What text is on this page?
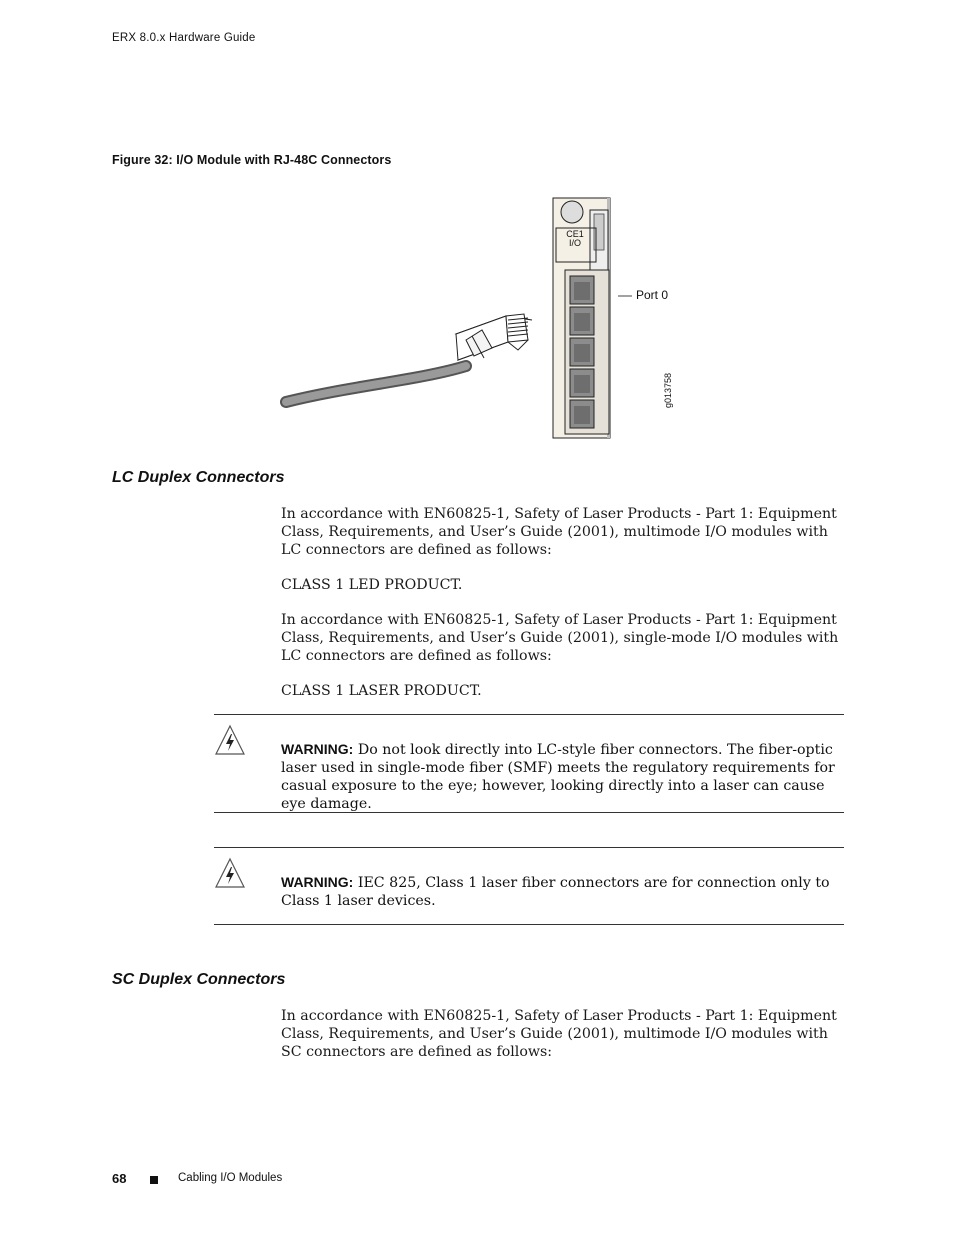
ERX 8.0.x Hardware Guide
Figure 32: I/O Module with RJ-48C Connectors
CE1
I/O
Port 0
g013758
LC Duplex Connectors
In accordance with EN60825-1, Safety of Laser Products - Part 1: Equipment Class, Requirements, and User’s Guide (2001), multimode I/O modules with LC connectors are defined as follows:
CLASS 1 LED PRODUCT.
In accordance with EN60825-1, Safety of Laser Products - Part 1: Equipment Class, Requirements, and User’s Guide (2001), single-mode I/O modules with LC connectors are defined as follows:
CLASS 1 LASER PRODUCT.
WARNING: Do not look directly into LC-style fiber connectors. The fiber-optic laser used in single-mode fiber (SMF) meets the regulatory requirements for casual exposure to the eye; however, looking directly into a laser can cause eye damage.
WARNING: IEC 825, Class 1 laser fiber connectors are for connection only to Class 1 laser devices.
SC Duplex Connectors
In accordance with EN60825-1, Safety of Laser Products - Part 1: Equipment Class, Requirements, and User’s Guide (2001), multimode I/O modules with SC connectors are defined as follows:
68	Cabling I/O Modules
